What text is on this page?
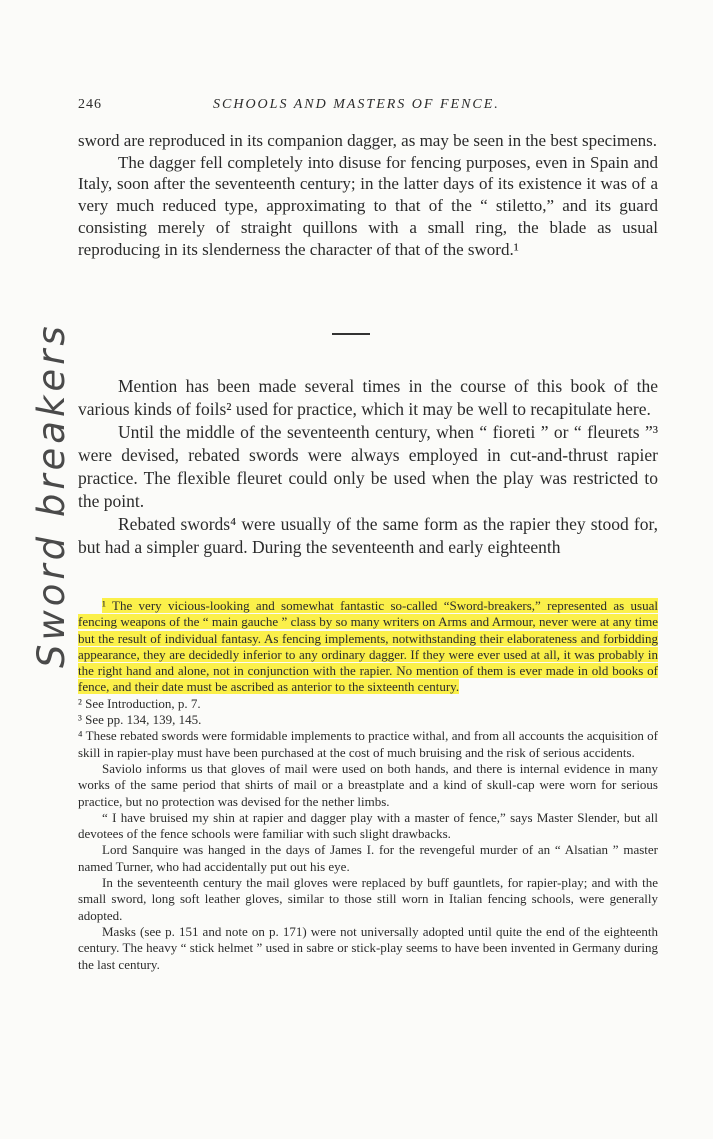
246	SCHOOLS AND MASTERS OF FENCE.

sword are reproduced in its companion dagger, as may be seen in the best specimens.

The dagger fell completely into disuse for fencing purposes, even in Spain and Italy, soon after the seventeenth century; in the latter days of its existence it was of a very much reduced type, approximating to that of the “ stiletto,” and its guard consisting merely of straight quillons with a small ring, the blade as usual reproducing in its slenderness the character of that of the sword.¹

Mention has been made several times in the course of this book of the various kinds of foils² used for practice, which it may be well to recapitulate here.

Until the middle of the seventeenth century, when “ fioreti ” or “ fleurets ”³ were devised, rebated swords were always employed in cut-and-thrust rapier practice. The flexible fleuret could only be used when the play was restricted to the point.

Rebated swords⁴ were usually of the same form as the rapier they stood for, but had a simpler guard. During the seventeenth and early eighteenth

¹ The very vicious-looking and somewhat fantastic so-called “Sword-breakers,” represented as usual fencing weapons of the “ main gauche ” class by so many writers on Arms and Armour, never were at any time but the result of individual fantasy. As fencing implements, notwithstanding their elaborateness and forbidding appearance, they are decidedly inferior to any ordinary dagger. If they were ever used at all, it was probably in the right hand and alone, not in conjunction with the rapier. No mention of them is ever made in old books of fence, and their date must be ascribed as anterior to the sixteenth century.

² See Introduction, p. 7.

³ See pp. 134, 139, 145.

⁴ These rebated swords were formidable implements to practice withal, and from all accounts the acquisition of skill in rapier-play must have been purchased at the cost of much bruising and the risk of serious accidents.

Saviolo informs us that gloves of mail were used on both hands, and there is internal evidence in many works of the same period that shirts of mail or a breastplate and a kind of skull-cap were worn for serious practice, but no protection was devised for the nether limbs.

“ I have bruised my shin at rapier and dagger play with a master of fence,” says Master Slender, but all devotees of the fence schools were familiar with such slight drawbacks.

Lord Sanquire was hanged in the days of James I. for the revengeful murder of an “ Alsatian ” master named Turner, who had accidentally put out his eye.

In the seventeenth century the mail gloves were replaced by buff gauntlets, for rapier-play; and with the small sword, long soft leather gloves, similar to those still worn in Italian fencing schools, were generally adopted.

Masks (see p. 151 and note on p. 171) were not universally adopted until quite the end of the eighteenth century. The heavy “ stick helmet ” used in sabre or stick-play seems to have been invented in Germany during the last century.

Sword breakers
